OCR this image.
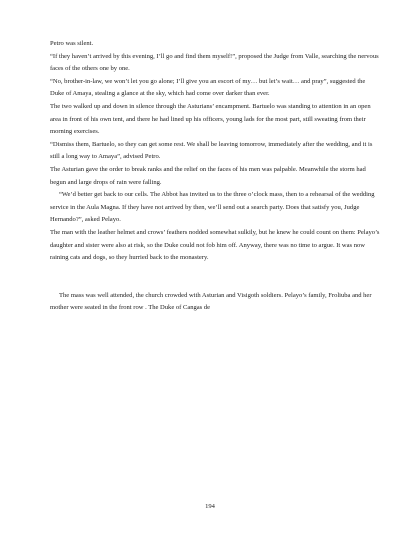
Petro was silent.

“If they haven’t arrived by this evening, I’ll go and find them myself!”, proposed the Judge from Valle, searching the nervous faces of the others one by one.

“No, brother-in-law, we won’t let you go alone; I’ll give you an escort of my… but let’s wait… and pray”, suggested the Duke of Amaya, stealing a glance at the sky, which had come over darker than ever.

The two walked up and down in silence through the Asturians’ encampment. Bartuelo was standing to attention in an open area in front of his own tent, and there he had lined up his officers, young lads for the most part, still sweating from their morning exercises.

“Dismiss them, Bartuelo, so they can get some rest. We shall be leaving tomorrow, immediately after the wedding, and it is still a long way to Amaya”, advised Petro.

The Asturian gave the order to break ranks and the relief on the faces of his men was palpable. Meanwhile the storm had begun and large drops of rain were falling.

“We’d better get back to our cells. The Abbot has invited us to the three o’clock mass, then to a rehearsal of the wedding service in the Aula Magna. If they have not arrived by then, we’ll send out a search party. Does that satisfy you, Judge Hernando?”, asked Pelayo.

The man with the leather helmet and crows’ feathers nodded somewhat sulkily, but he knew he could count on them: Pelayo’s daughter and sister were also at risk, so the Duke could not fob him off. Anyway, there was no time to argue. It was now raining cats and dogs, so they hurried back to the monastery.

The mass was well attended, the church crowded with Asturian and Visigoth soldiers. Pelayo’s family, Froliuba and her mother were seated in the front row . The Duke of Cangas de

194
